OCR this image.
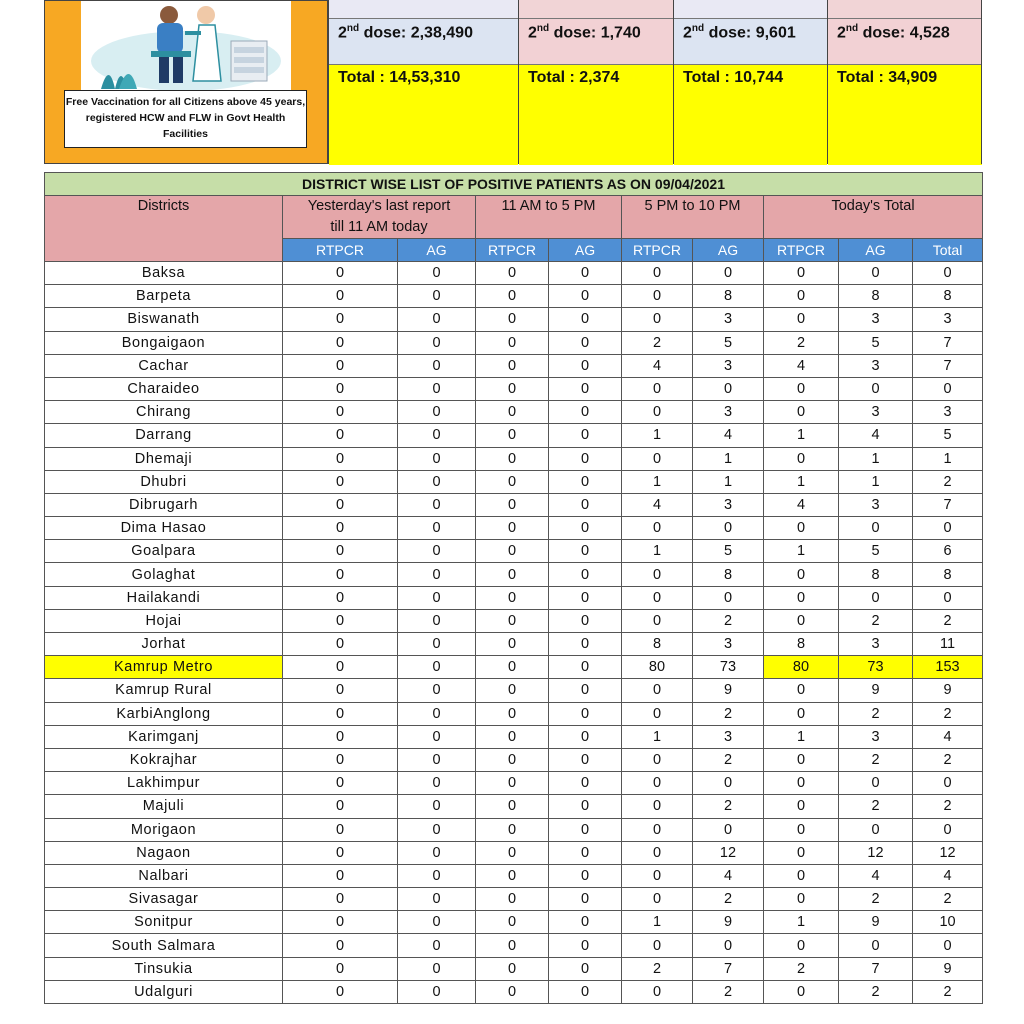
Free Vaccination for all Citizens above 45 years, registered HCW and FLW in Govt Health Facilities
2nd dose: 2,38,490
Total : 14,53,310
2nd dose: 1,740
Total : 2,374
2nd dose: 9,601
Total : 10,744
2nd dose: 4,528
Total : 34,909
DISTRICT WISE LIST OF POSITIVE PATIENTS AS ON 09/04/2021									
Districts	Yesterday's last report
till 11 AM today		11 AM to 5 PM		5 PM to 10 PM		Today's Total		
	RTPCR	AG	RTPCR	AG	RTPCR	AG	RTPCR	AG	Total
Baksa	0	0	0	0	0	0	0	0	0
Barpeta	0	0	0	0	0	8	0	8	8
Biswanath	0	0	0	0	0	3	0	3	3
Bongaigaon	0	0	0	0	2	5	2	5	7
Cachar	0	0	0	0	4	3	4	3	7
Charaideo	0	0	0	0	0	0	0	0	0
Chirang	0	0	0	0	0	3	0	3	3
Darrang	0	0	0	0	1	4	1	4	5
Dhemaji	0	0	0	0	0	1	0	1	1
Dhubri	0	0	0	0	1	1	1	1	2
Dibrugarh	0	0	0	0	4	3	4	3	7
Dima Hasao	0	0	0	0	0	0	0	0	0
Goalpara	0	0	0	0	1	5	1	5	6
Golaghat	0	0	0	0	0	8	0	8	8
Hailakandi	0	0	0	0	0	0	0	0	0
Hojai	0	0	0	0	0	2	0	2	2
Jorhat	0	0	0	0	8	3	8	3	11
Kamrup Metro	0	0	0	0	80	73	80	73	153
Kamrup Rural	0	0	0	0	0	9	0	9	9
KarbiAnglong	0	0	0	0	0	2	0	2	2
Karimganj	0	0	0	0	1	3	1	3	4
Kokrajhar	0	0	0	0	0	2	0	2	2
Lakhimpur	0	0	0	0	0	0	0	0	0
Majuli	0	0	0	0	0	2	0	2	2
Morigaon	0	0	0	0	0	0	0	0	0
Nagaon	0	0	0	0	0	12	0	12	12
Nalbari	0	0	0	0	0	4	0	4	4
Sivasagar	0	0	0	0	0	2	0	2	2
Sonitpur	0	0	0	0	1	9	1	9	10
South Salmara	0	0	0	0	0	0	0	0	0
Tinsukia	0	0	0	0	2	7	2	7	9
Udalguri	0	0	0	0	0	2	0	2	2
